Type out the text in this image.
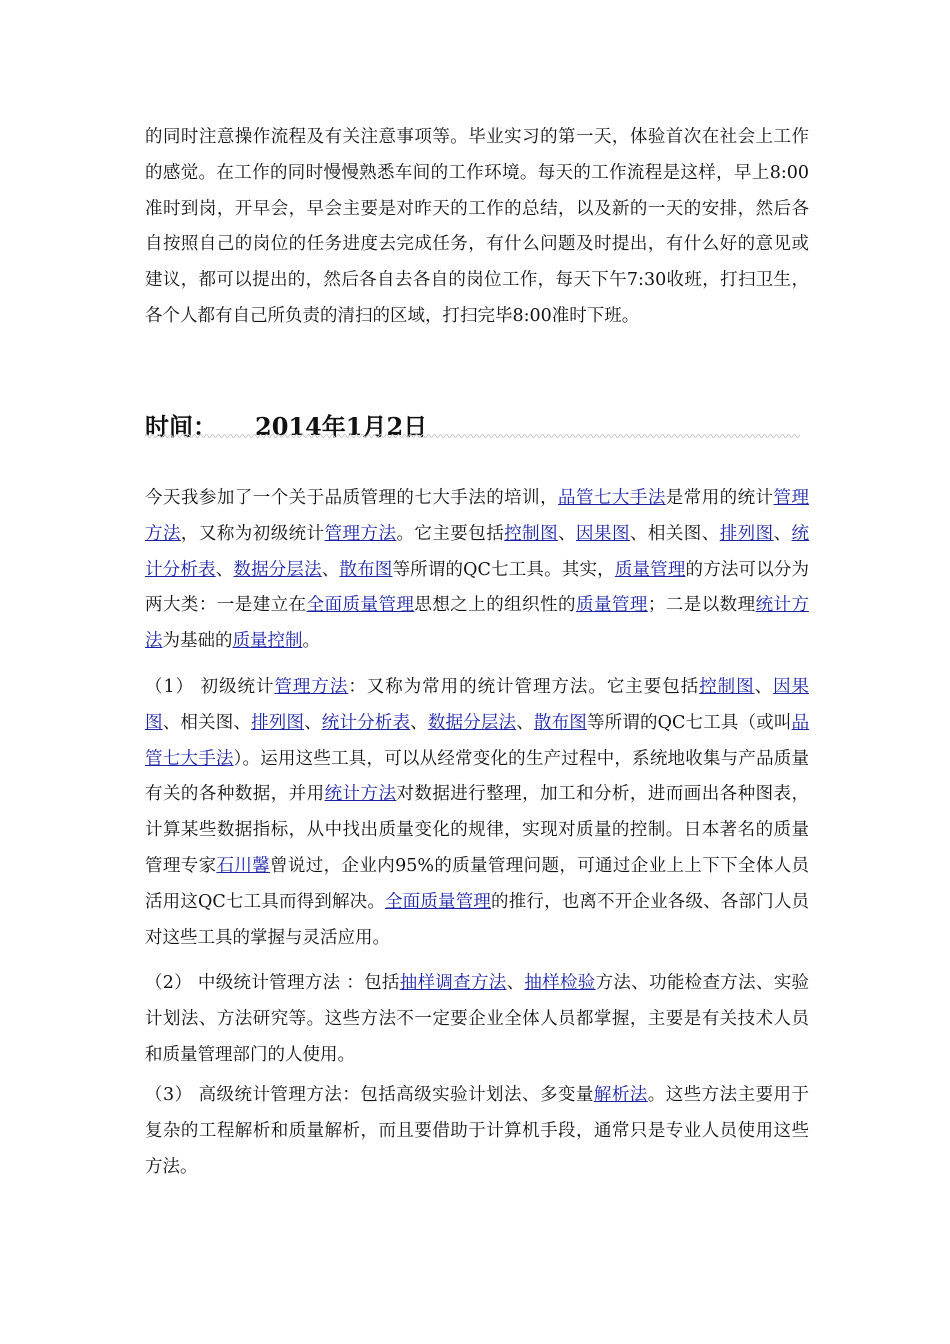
的同时注意操作流程及有关注意事项等。毕业实习的第一天，体验首次在社会上工作的感觉。在工作的同时慢慢熟悉车间的工作环境。每天的工作流程是这样，早上8:00准时到岗，开早会，早会主要是对昨天的工作的总结，以及新的一天的安排，然后各自按照自己的岗位的任务进度去完成任务，有什么问题及时提出，有什么好的意见或建议，都可以提出的，然后各自去各自的岗位工作，每天下午7:30收班，打扫卫生，各个人都有自己所负责的清扫的区域，打扫完毕8:00准时下班。

时间： 2014年1月2日

今天我参加了一个关于品质管理的七大手法的培训，品管七大手法是常用的统计管理方法，又称为初级统计管理方法。它主要包括控制图、因果图、相关图、排列图、统计分析表、数据分层法、散布图等所谓的QC七工具。其实，质量管理的方法可以分为两大类：一是建立在全面质量管理思想之上的组织性的质量管理；二是以数理统计方法为基础的质量控制。

（1） 初级统计管理方法：又称为常用的统计管理方法。它主要包括控制图、因果图、相关图、排列图、统计分析表、数据分层法、散布图等所谓的QC七工具（或叫品管七大手法）。运用这些工具，可以从经常变化的生产过程中，系统地收集与产品质量有关的各种数据，并用统计方法对数据进行整理，加工和分析，进而画出各种图表，计算某些数据指标，从中找出质量变化的规律，实现对质量的控制。日本著名的质量管理专家石川馨曾说过，企业内95%的质量管理问题，可通过企业上上下下全体人员活用这QC七工具而得到解决。全面质量管理的推行，也离不开企业各级、各部门人员对这些工具的掌握与灵活应用。

（2） 中级统计管理方法 ：包括抽样调查方法、抽样检验方法、功能检查方法、实验计划法、方法研究等。这些方法不一定要企业全体人员都掌握，主要是有关技术人员和质量管理部门的人使用。

（3） 高级统计管理方法：包括高级实验计划法、多变量解析法。这些方法主要用于复杂的工程解析和质量解析，而且要借助于计算机手段，通常只是专业人员使用这些方法。
